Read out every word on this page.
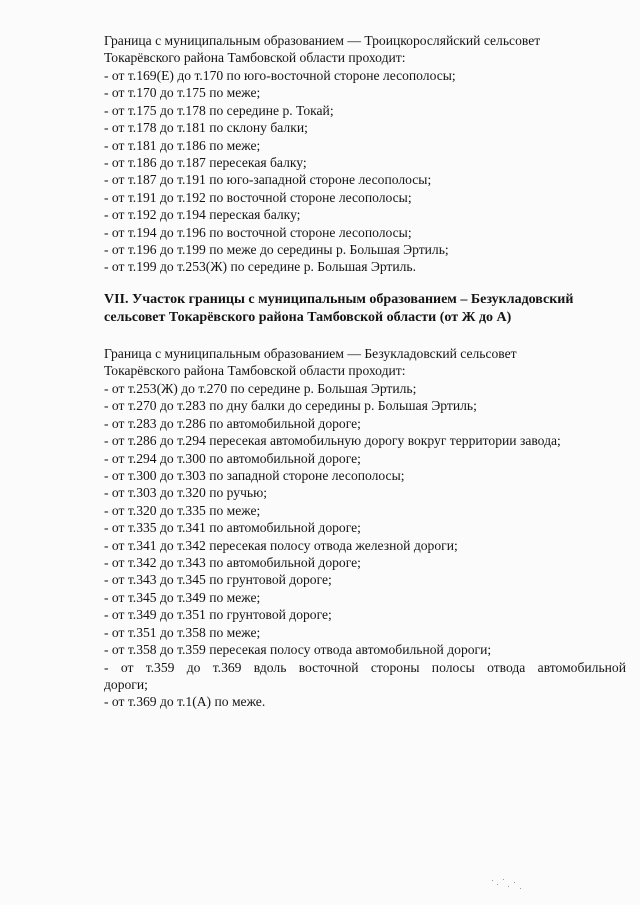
Граница с муниципальным образованием — Троицкоросляйский сельсовет
Токарёвского района Тамбовской области проходит:
- от т.169(Е) до т.170 по юго-восточной стороне лесополосы;
- от т.170 до т.175 по меже;
- от т.175 до т.178 по середине р. Токай;
- от т.178 до т.181 по склону балки;
- от т.181 до т.186 по меже;
- от т.186 до т.187 пересекая балку;
- от т.187 до т.191 по юго-западной стороне лесополосы;
- от т.191 до т.192 по восточной стороне лесополосы;
- от т.192 до т.194 переская балку;
- от т.194 до т.196 по восточной стороне лесополосы;
- от т.196 до т.199 по меже до середины р. Большая Эртиль;
- от т.199 до т.253(Ж) по середине р. Большая Эртиль.
VII. Участок границы с муниципальным образованием – Безукладовский сельсовет Токарёвского района Тамбовской области (от Ж до А)
Граница с муниципальным образованием — Безукладовский сельсовет
Токарёвского района Тамбовской области проходит:
- от т.253(Ж) до т.270 по середине р. Большая Эртиль;
- от т.270 до т.283 по дну балки до середины р. Большая Эртиль;
- от т.283 до т.286 по автомобильной дороге;
- от т.286 до т.294 пересекая автомобильную дорогу вокруг территории завода;
- от т.294 до т.300 по автомобильной дороге;
- от т.300 до т.303 по западной стороне лесополосы;
- от т.303 до т.320 по ручью;
- от т.320 до т.335 по меже;
- от т.335 до т.341 по автомобильной дороге;
- от т.341 до т.342 пересекая полосу отвода железной дороги;
- от т.342 до т.343 по автомобильной дороге;
- от т.343 до т.345 по грунтовой дороге;
- от т.345 до т.349 по меже;
- от т.349 до т.351 по грунтовой дороге;
- от т.351 до т.358 по меже;
- от т.358 до т.359 пересекая полосу отвода автомобильной дороги;
- от т.359 до т.369 вдоль восточной стороны полосы отвода автомобильной
дороги;
- от т.369 до т.1(А) по меже.
